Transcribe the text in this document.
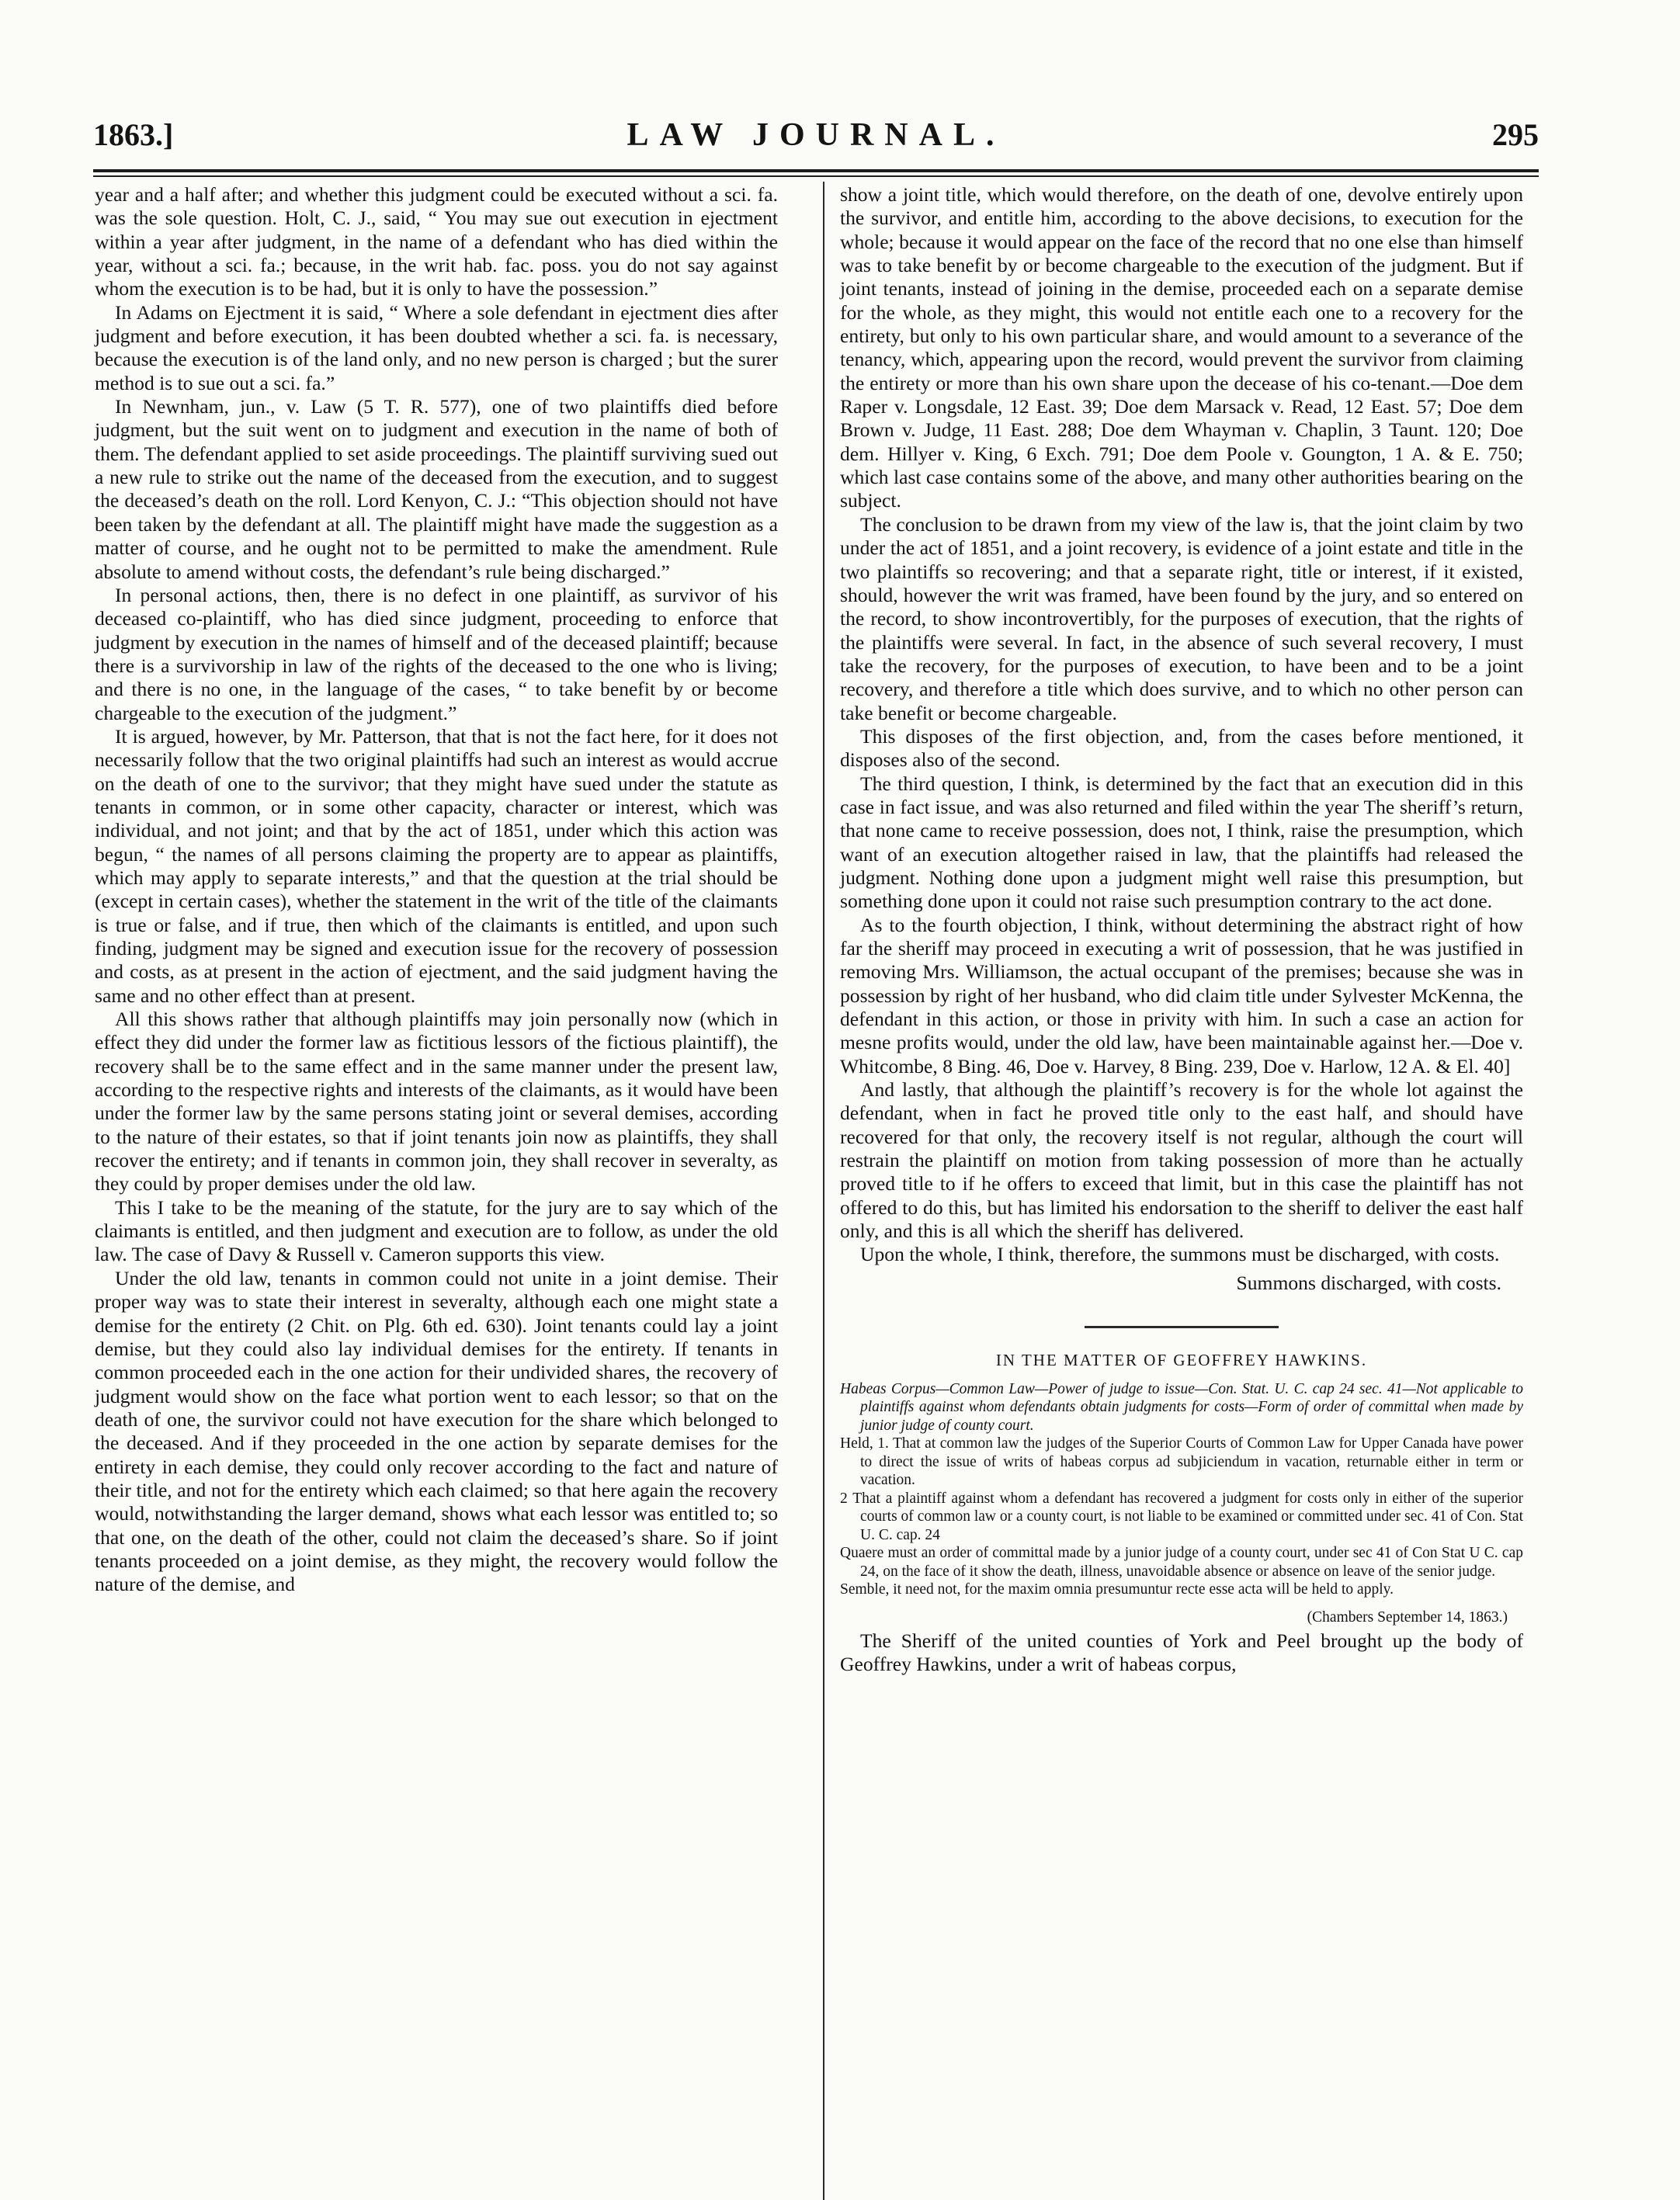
LAW JOURNAL.
1863.]	295

year and a half after; and whether this judgment could be executed without a sci. fa. was the sole question. Holt, C. J., said, “ You may sue out execution in ejectment within a year after judgment, in the name of a defendant who has died within the year, without a sci. fa.; because, in the writ hab. fac. poss. you do not say against whom the execution is to be had, but it is only to have the possession.”

In Adams on Ejectment it is said, “ Where a sole defendant in ejectment dies after judgment and before execution, it has been doubted whether a sci. fa. is necessary, because the execution is of the land only, and no new person is charged ; but the surer method is to sue out a sci. fa.”

In Newnham, jun., v. Law (5 T. R. 577), one of two plaintiffs died before judgment, but the suit went on to judgment and execution in the name of both of them. The defendant applied to set aside proceedings. The plaintiff surviving sued out a new rule to strike out the name of the deceased from the execution, and to suggest the deceased’s death on the roll. Lord Kenyon, C. J.: “This objection should not have been taken by the defendant at all. The plaintiff might have made the suggestion as a matter of course, and he ought not to be permitted to make the amendment. Rule absolute to amend without costs, the defendant’s rule being discharged.”

In personal actions, then, there is no defect in one plaintiff, as survivor of his deceased co-plaintiff, who has died since judgment, proceeding to enforce that judgment by execution in the names of himself and of the deceased plaintiff; because there is a survivorship in law of the rights of the deceased to the one who is living; and there is no one, in the language of the cases, “ to take benefit by or become chargeable to the execution of the judgment.”

It is argued, however, by Mr. Patterson, that that is not the fact here, for it does not necessarily follow that the two original plaintiffs had such an interest as would accrue on the death of one to the survivor; that they might have sued under the statute as tenants in common, or in some other capacity, character or interest, which was individual, and not joint; and that by the act of 1851, under which this action was begun, “ the names of all persons claiming the property are to appear as plaintiffs, which may apply to separate interests,” and that the question at the trial should be (except in certain cases), whether the statement in the writ of the title of the claimants is true or false, and if true, then which of the claimants is entitled, and upon such finding, judgment may be signed and execution issue for the recovery of possession and costs, as at present in the action of ejectment, and the said judgment having the same and no other effect than at present.

All this shows rather that although plaintiffs may join personally now (which in effect they did under the former law as fictitious lessors of the fictious plaintiff), the recovery shall be to the same effect and in the same manner under the present law, according to the respective rights and interests of the claimants, as it would have been under the former law by the same persons stating joint or several demises, according to the nature of their estates, so that if joint tenants join now as plaintiffs, they shall recover the entirety; and if tenants in common join, they shall recover in severalty, as they could by proper demises under the old law.

This I take to be the meaning of the statute, for the jury are to say which of the claimants is entitled, and then judgment and execution are to follow, as under the old law. The case of Davy & Russell v. Cameron supports this view.

Under the old law, tenants in common could not unite in a joint demise. Their proper way was to state their interest in severalty, although each one might state a demise for the entirety (2 Chit. on Plg. 6th ed. 630). Joint tenants could lay a joint demise, but they could also lay individual demises for the entirety. If tenants in common proceeded each in the one action for their undivided shares, the recovery of judgment would show on the face what portion went to each lessor; so that on the death of one, the survivor could not have execution for the share which belonged to the deceased. And if they proceeded in the one action by separate demises for the entirety in each demise, they could only recover according to the fact and nature of their title, and not for the entirety which each claimed; so that here again the recovery would, notwithstanding the larger demand, shows what each lessor was entitled to; so that one, on the death of the other, could not claim the deceased’s share. So if joint tenants proceeded on a joint demise, as they might, the recovery would follow the nature of the demise, and

show a joint title, which would therefore, on the death of one, devolve entirely upon the survivor, and entitle him, according to the above decisions, to execution for the whole; because it would appear on the face of the record that no one else than himself was to take benefit by or become chargeable to the execution of the judgment. But if joint tenants, instead of joining in the demise, proceeded each on a separate demise for the whole, as they might, this would not entitle each one to a recovery for the entirety, but only to his own particular share, and would amount to a severance of the tenancy, which, appearing upon the record, would prevent the survivor from claiming the entirety or more than his own share upon the decease of his co-tenant.—Doe dem Raper v. Longsdale, 12 East. 39; Doe dem Marsack v. Read, 12 East. 57; Doe dem Brown v. Judge, 11 East. 288; Doe dem Whayman v. Chaplin, 3 Taunt. 120; Doe dem. Hillyer v. King, 6 Exch. 791; Doe dem Poole v. Goungton, 1 A. & E. 750; which last case contains some of the above, and many other authorities bearing on the subject.

The conclusion to be drawn from my view of the law is, that the joint claim by two under the act of 1851, and a joint recovery, is evidence of a joint estate and title in the two plaintiffs so recovering; and that a separate right, title or interest, if it existed, should, however the writ was framed, have been found by the jury, and so entered on the record, to show incontrovertibly, for the purposes of execution, that the rights of the plaintiffs were several. In fact, in the absence of such several recovery, I must take the recovery, for the purposes of execution, to have been and to be a joint recovery, and therefore a title which does survive, and to which no other person can take benefit or become chargeable.

This disposes of the first objection, and, from the cases before mentioned, it disposes also of the second.

The third question, I think, is determined by the fact that an execution did in this case in fact issue, and was also returned and filed within the year The sheriff’s return, that none came to receive possession, does not, I think, raise the presumption, which want of an execution altogether raised in law, that the plaintiffs had released the judgment. Nothing done upon a judgment might well raise this presumption, but something done upon it could not raise such presumption contrary to the act done.

As to the fourth objection, I think, without determining the abstract right of how far the sheriff may proceed in executing a writ of possession, that he was justified in removing Mrs. Williamson, the actual occupant of the premises; because she was in possession by right of her husband, who did claim title under Sylvester McKenna, the defendant in this action, or those in privity with him. In such a case an action for mesne profits would, under the old law, have been maintainable against her.—Doe v. Whitcombe, 8 Bing. 46, Doe v. Harvey, 8 Bing. 239, Doe v. Harlow, 12 A. & El. 40]

And lastly, that although the plaintiff’s recovery is for the whole lot against the defendant, when in fact he proved title only to the east half, and should have recovered for that only, the recovery itself is not regular, although the court will restrain the plaintiff on motion from taking possession of more than he actually proved title to if he offers to exceed that limit, but in this case the plaintiff has not offered to do this, but has limited his endorsation to the sheriff to deliver the east half only, and this is all which the sheriff has delivered.

Upon the whole, I think, therefore, the summons must be discharged, with costs.

Summons discharged, with costs.

IN THE MATTER OF GEOFFREY HAWKINS.

Habeas Corpus—Common Law—Power of judge to issue—Con. Stat. U. C. cap 24 sec. 41—Not applicable to plaintiffs against whom defendants obtain judgments for costs—Form of order of committal when made by junior judge of county court.

Held, 1. That at common law the judges of the Superior Courts of Common Law for Upper Canada have power to direct the issue of writs of habeas corpus ad subjiciendum in vacation, returnable either in term or vacation.

2 That a plaintiff against whom a defendant has recovered a judgment for costs only in either of the superior courts of common law or a county court, is not liable to be examined or committed under sec. 41 of Con. Stat U. C. cap. 24

Quaere must an order of committal made by a junior judge of a county court, under sec 41 of Con Stat U C. cap 24, on the face of it show the death, illness, unavoidable absence or absence on leave of the senior judge.

Semble, it need not, for the maxim omnia presumuntur recte esse acta will be held to apply.

(Chambers September 14, 1863.)

The Sheriff of the united counties of York and Peel brought up the body of Geoffrey Hawkins, under a writ of habeas corpus,
